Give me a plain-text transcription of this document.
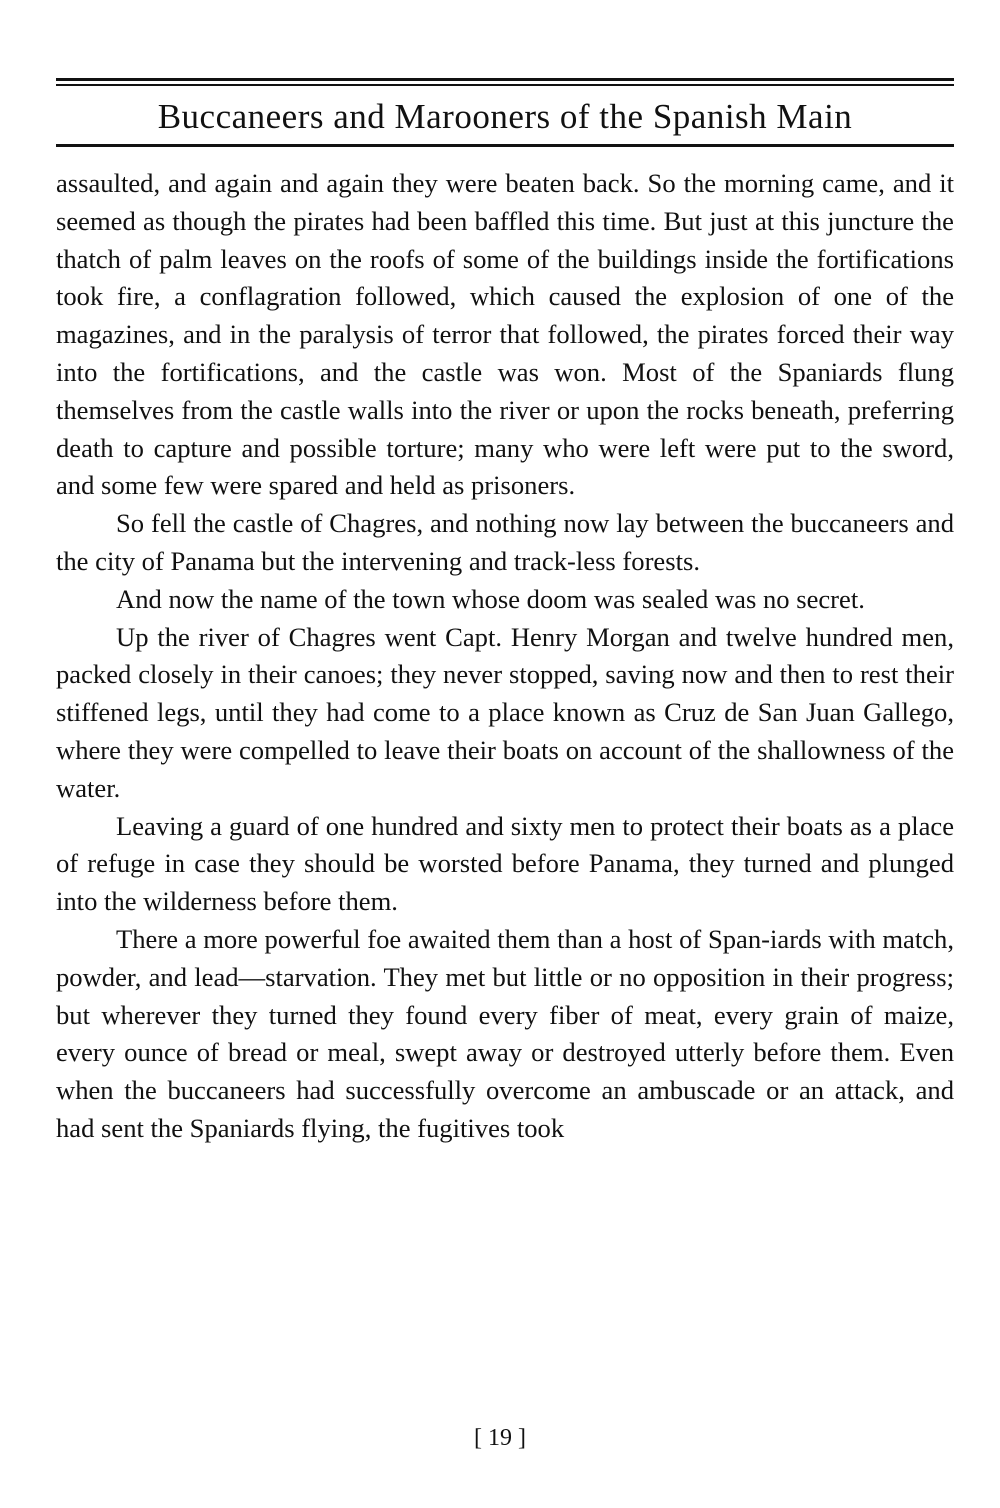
Buccaneers and Marooners of the Spanish Main

assaulted, and again and again they were beaten back. So the morning came, and it seemed as though the pirates had been baffled this time. But just at this juncture the thatch of palm leaves on the roofs of some of the buildings inside the fortifications took fire, a conflagration followed, which caused the explosion of one of the magazines, and in the paralysis of terror that followed, the pirates forced their way into the fortifications, and the castle was won. Most of the Spaniards flung themselves from the castle walls into the river or upon the rocks beneath, preferring death to capture and possible torture; many who were left were put to the sword, and some few were spared and held as prisoners.

So fell the castle of Chagres, and nothing now lay between the buccaneers and the city of Panama but the intervening and track-less forests.

And now the name of the town whose doom was sealed was no secret.

Up the river of Chagres went Capt. Henry Morgan and twelve hundred men, packed closely in their canoes; they never stopped, saving now and then to rest their stiffened legs, until they had come to a place known as Cruz de San Juan Gallego, where they were compelled to leave their boats on account of the shallowness of the water.

Leaving a guard of one hundred and sixty men to protect their boats as a place of refuge in case they should be worsted before Panama, they turned and plunged into the wilderness before them.

There a more powerful foe awaited them than a host of Span-iards with match, powder, and lead—starvation. They met but little or no opposition in their progress; but wherever they turned they found every fiber of meat, every grain of maize, every ounce of bread or meal, swept away or destroyed utterly before them. Even when the buccaneers had successfully overcome an ambuscade or an attack, and had sent the Spaniards flying, the fugitives took

[ 19 ]
